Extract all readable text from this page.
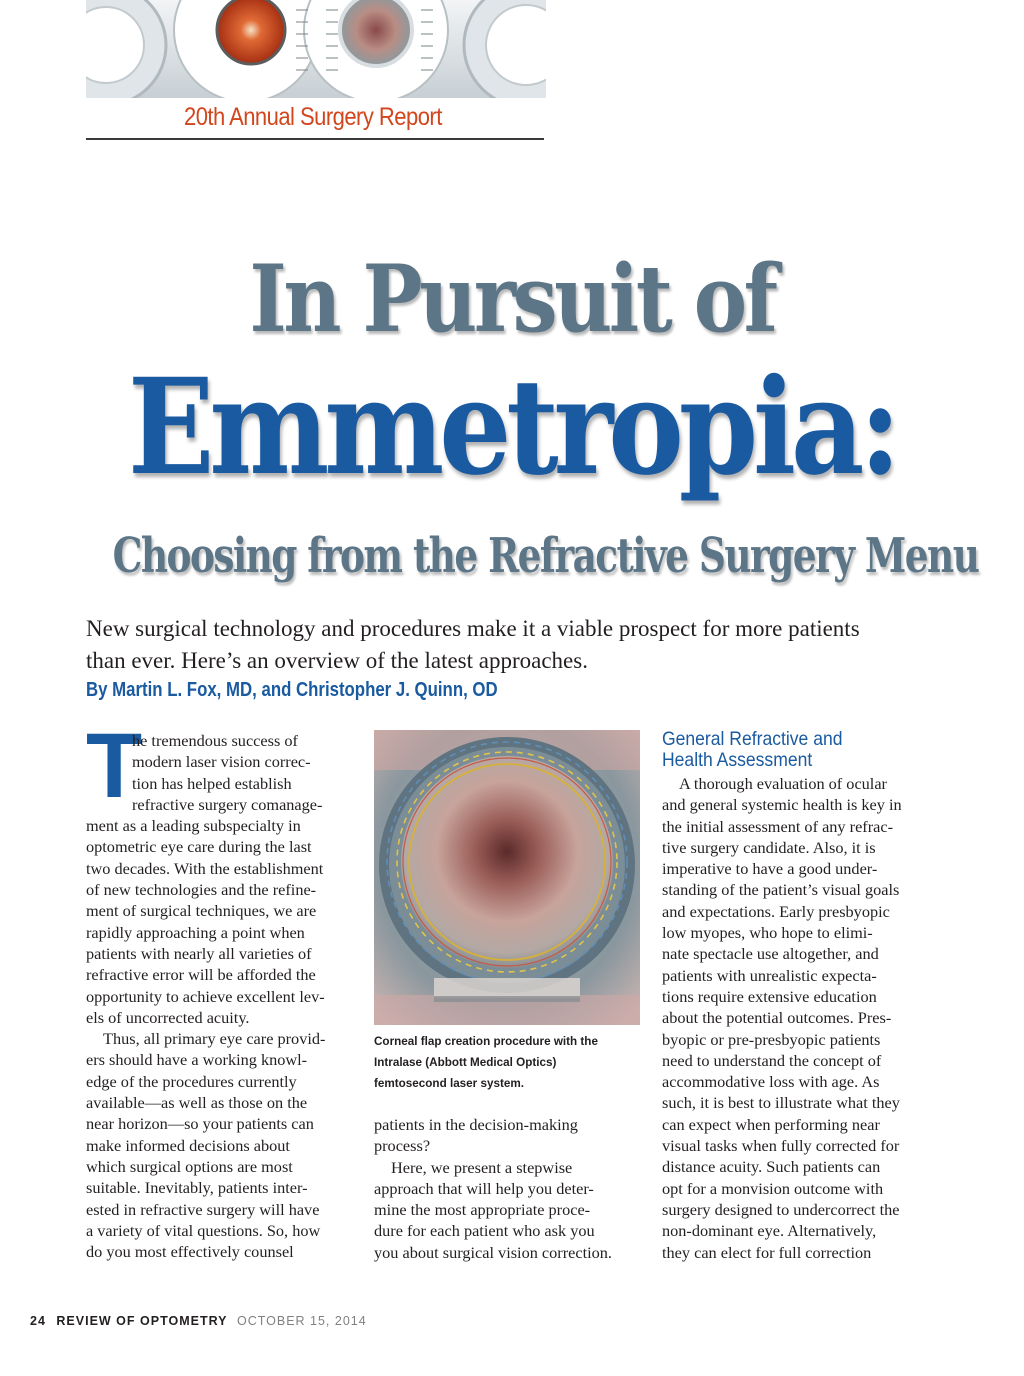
20th Annual Surgery Report
In Pursuit of
Emmetropia:
Choosing from the Refractive Surgery Menu
New surgical technology and procedures make it a viable prospect for more patients
than ever. Here’s an overview of the latest approaches.
By Martin L. Fox, MD, and Christopher J. Quinn, OD
T
he tremendous success of
modern laser vision correc-
tion has helped establish
refractive surgery comanage-
ment as a leading subspecialty in
optometric eye care during the last
two decades. With the establishment
of new technologies and the refine-
ment of surgical techniques, we are
rapidly approaching a point when
patients with nearly all varieties of
refractive error will be afforded the
opportunity to achieve excellent lev-
els of uncorrected acuity.
Thus, all primary eye care provid-
ers should have a working knowl-
edge of the procedures currently
available—as well as those on the
near horizon—so your patients can
make informed decisions about
which surgical options are most
suitable. Inevitably, patients inter-
ested in refractive surgery will have
a variety of vital questions. So, how
do you most effectively counsel
Corneal flap creation procedure with the
Intralase (Abbott Medical Optics)
femtosecond laser system.
patients in the decision-making
process?
Here, we present a stepwise
approach that will help you deter-
mine the most appropriate proce-
dure for each patient who ask you
you about surgical vision correction.
General Refractive and
Health Assessment
A thorough evaluation of ocular
and general systemic health is key in
the initial assessment of any refrac-
tive surgery candidate. Also, it is
imperative to have a good under-
standing of the patient’s visual goals
and expectations. Early presbyopic
low myopes, who hope to elimi-
nate spectacle use altogether, and
patients with unrealistic expecta-
tions require extensive education
about the potential outcomes. Pres-
byopic or pre-presbyopic patients
need to understand the concept of
accommodative loss with age. As
such, it is best to illustrate what they
can expect when performing near
visual tasks when fully corrected for
distance acuity. Such patients can
opt for a monvision outcome with
surgery designed to undercorrect the
non-dominant eye. Alternatively,
they can elect for full correction
24 REVIEW OF OPTOMETRY OCTOBER 15, 2014
